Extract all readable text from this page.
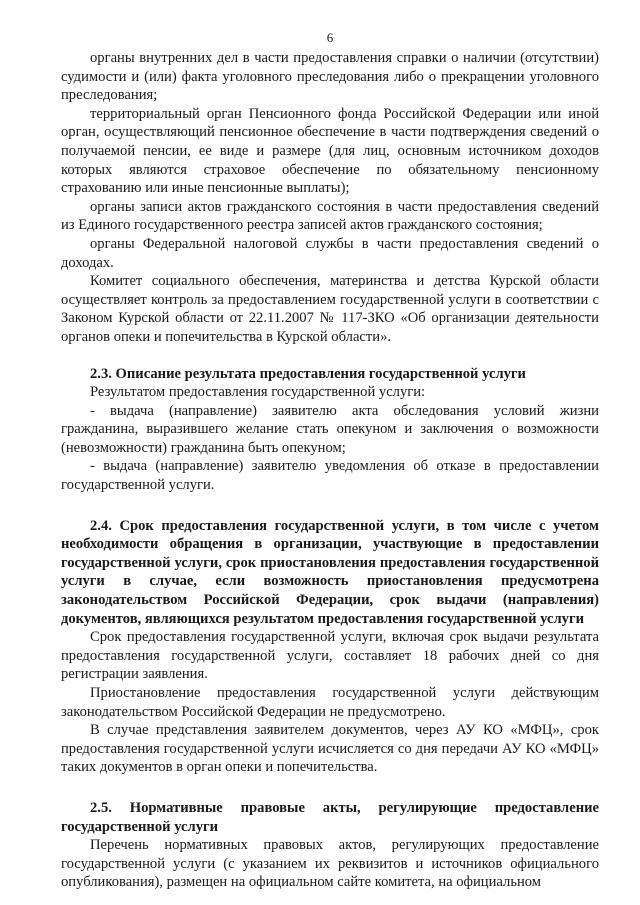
6

органы внутренних дел в части предоставления справки о наличии (отсутствии) судимости и (или) факта уголовного преследования либо о прекращении уголовного преследования;

территориальный орган Пенсионного фонда Российской Федерации или иной орган, осуществляющий пенсионное обеспечение в части подтверждения сведений о получаемой пенсии, ее виде и размере (для лиц, основным источником доходов которых являются страховое обеспечение по обязательному пенсионному страхованию или иные пенсионные выплаты);

органы записи актов гражданского состояния в части предоставления сведений из Единого государственного реестра записей актов гражданского состояния;

органы Федеральной налоговой службы в части предоставления сведений о доходах.

Комитет социального обеспечения, материнства и детства Курской области осуществляет контроль за предоставлением государственной услуги в соответствии с Законом Курской области от 22.11.2007 № 117-ЗКО «Об организации деятельности органов опеки и попечительства в Курской области».

2.3. Описание результата предоставления государственной услуги

Результатом предоставления государственной услуги:

- выдача (направление) заявителю акта обследования условий жизни гражданина, выразившего желание стать опекуном и заключения о возможности (невозможности) гражданина быть опекуном;

- выдача (направление) заявителю уведомления об отказе в предоставлении государственной услуги.

2.4. Срок предоставления государственной услуги, в том числе с учетом необходимости обращения в организации, участвующие в предоставлении государственной услуги, срок приостановления предоставления государственной услуги в случае, если возможность приостановления предусмотрена законодательством Российской Федерации, срок выдачи (направления) документов, являющихся результатом предоставления государственной услуги

Срок предоставления государственной услуги, включая срок выдачи результата предоставления государственной услуги, составляет 18 рабочих дней со дня регистрации заявления.

Приостановление предоставления государственной услуги действующим законодательством Российской Федерации не предусмотрено.

В случае представления заявителем документов, через АУ КО «МФЦ», срок предоставления государственной услуги исчисляется со дня передачи АУ КО «МФЦ» таких документов в орган опеки и попечительства.

2.5. Нормативные правовые акты, регулирующие предоставление государственной услуги

Перечень нормативных правовых актов, регулирующих предоставление государственной услуги (с указанием их реквизитов и источников официального опубликования), размещен на официальном сайте комитета, на официальном
